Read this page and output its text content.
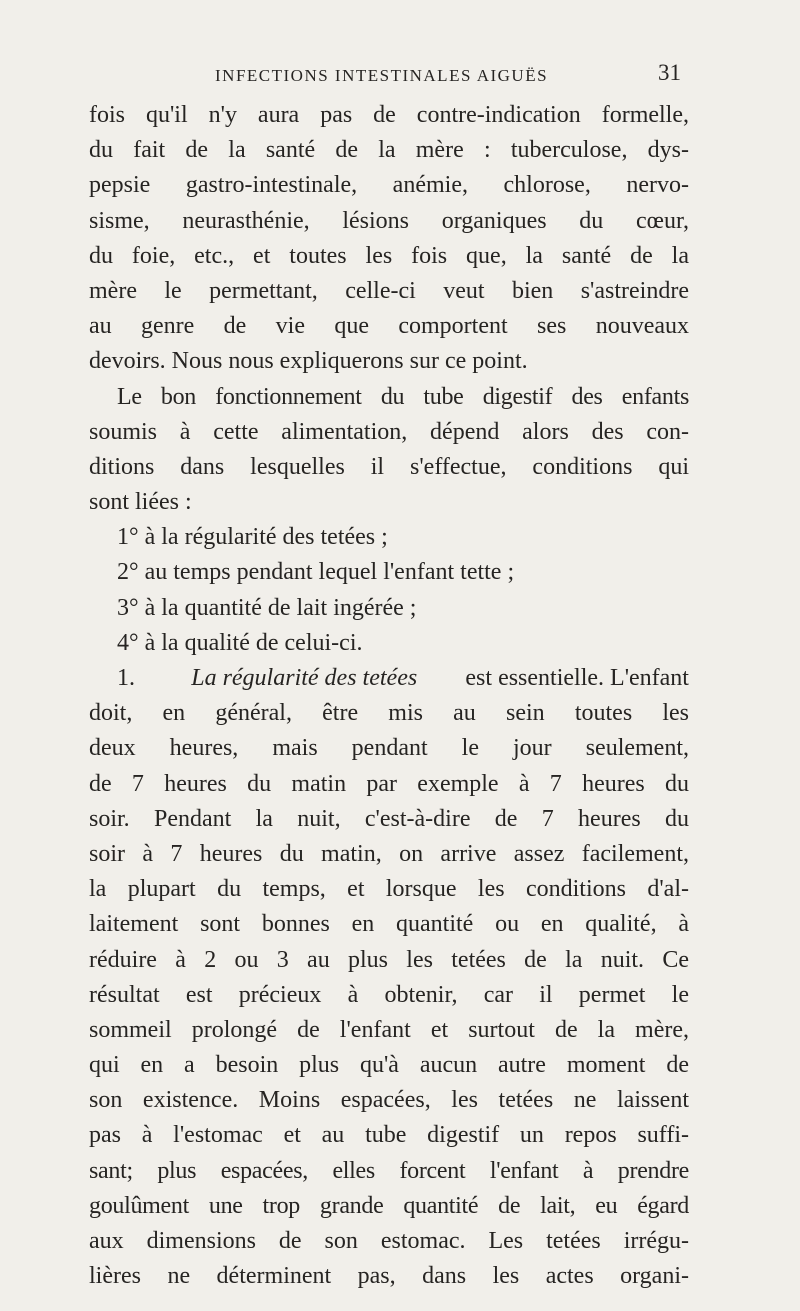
INFECTIONS INTESTINALES AIGUËS	31
fois qu'il n'y aura pas de contre-indication formelle,
du fait de la santé de la mère : tuberculose, dys-
pepsie gastro-intestinale, anémie, chlorose, nervo-
sisme, neurasthénie, lésions organiques du cœur,
du foie, etc., et toutes les fois que, la santé de la
mère le permettant, celle-ci veut bien s'astreindre
au genre de vie que comportent ses nouveaux
devoirs. Nous nous expliquerons sur ce point.
Le bon fonctionnement du tube digestif des enfants
soumis à cette alimentation, dépend alors des con-
ditions dans lesquelles il s'effectue, conditions qui
sont liées :
1° à la régularité des tetées ;
2° au temps pendant lequel l'enfant tette ;
3° à la quantité de lait ingérée ;
4° à la qualité de celui-ci.
1.	La régularité des tetées est essentielle. L'enfant
doit, en général, être mis au sein toutes les
deux heures, mais pendant le jour seulement,
de 7 heures du matin par exemple à 7 heures du
soir. Pendant la nuit, c'est-à-dire de 7 heures du
soir à 7 heures du matin, on arrive assez facilement,
la plupart du temps, et lorsque les conditions d'al-
laitement sont bonnes en quantité ou en qualité, à
réduire à 2 ou 3 au plus les tetées de la nuit. Ce
résultat est précieux à obtenir, car il permet le
sommeil prolongé de l'enfant et surtout de la mère,
qui en a besoin plus qu'à aucun autre moment de
son existence. Moins espacées, les tetées ne laissent
pas à l'estomac et au tube digestif un repos suffi-
sant; plus espacées, elles forcent l'enfant à prendre
goulûment une trop grande quantité de lait, eu égard
aux dimensions de son estomac. Les tetées irrégu-
lières ne déterminent pas, dans les actes organi-
